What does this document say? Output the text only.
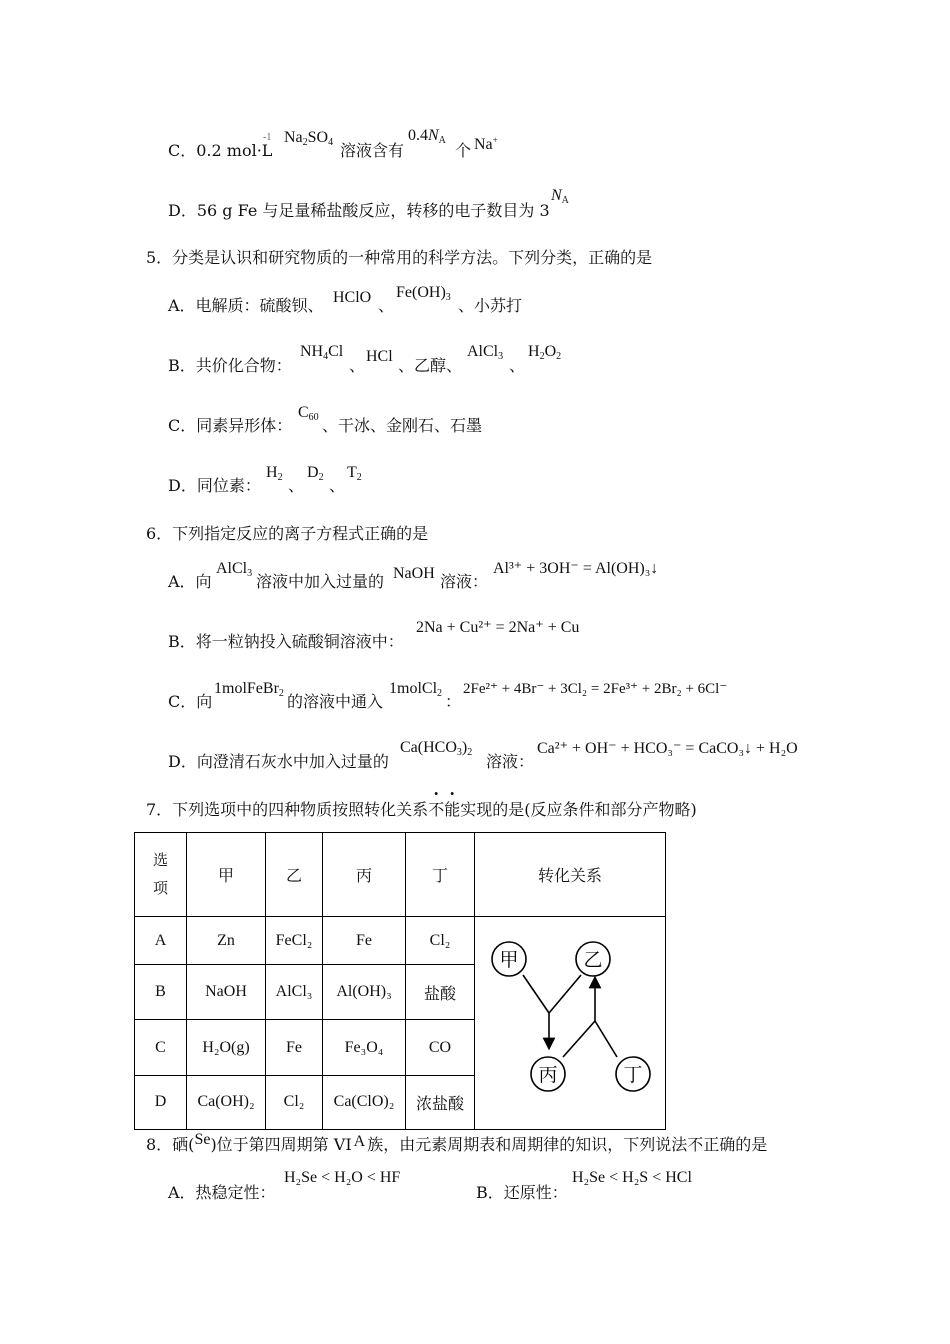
C．0.2 mol·L
-1 $Na_2SO_4$ 溶液含有
$0.4N_A$
个 Na+
D．56 g Fe 与足量稀盐酸反应，转移的电子数目为 3
$N_A$
5．分类是认识和研究物质的一种常用的科学方法。下列分类，正确的是
A．电解质：硫酸钡、 HClO 、
$Fe(OH)_3$ 、小苏打
B．共价化合物：
$NH_4Cl$
、 HCl 、乙醇、
AlCl$_3$ 、
$H_2O_2$
C．同素异形体：
$C_{60}$ 、干冰、金刚石、石墨
D．同位素：
$H_2$ 、
$D_2$ 、
$T_2$
6．下列指定反应的离子方程式正确的是
A．向
AlCl$_3$ 溶液中加入过量的 NaOH 溶液：
Al³⁺ + 3OH⁻ = Al(OH)₃↓
B．将一粒钠投入硫酸铜溶液中：
2Na + Cu²⁺ = 2Na⁺ + Cu
C．向
1molFeBr$_2$ 的溶液中通入
1molCl$_2$ ：
2Fe²⁺ + 4Br⁻ + 3Cl₂ = 2Fe³⁺ + 2Br₂ + 6Cl⁻
D．向澄清石灰水中加入过量的
$Ca(HCO_3)_2$ 溶液：
Ca²⁺ + OH⁻ + HCO₃⁻ = CaCO₃↓ + H₂O
7．下列选项中的四种物质按照转化关系不能实现的是(反应条件和部分产物略)
选项	甲	乙	丙	丁	转化关系
A	Zn	FeCl₂	Fe	Cl₂	甲 乙
丙 丁

B	NaOH	AlCl₃	Al(OH)₃	盐酸	
C	H₂O(g)	Fe	Fe₃O₄	CO	
D	Ca(OH)₂	Cl₂	Ca(ClO)₂	浓盐酸	
8．硒(Se)位于第四周期第 VI A 族，由元素周期表和周期律的知识，下列说法不正确的是
A．热稳定性：
H₂Se < H₂O < HF
B．还原性：
H₂Se < H₂S < HCl
